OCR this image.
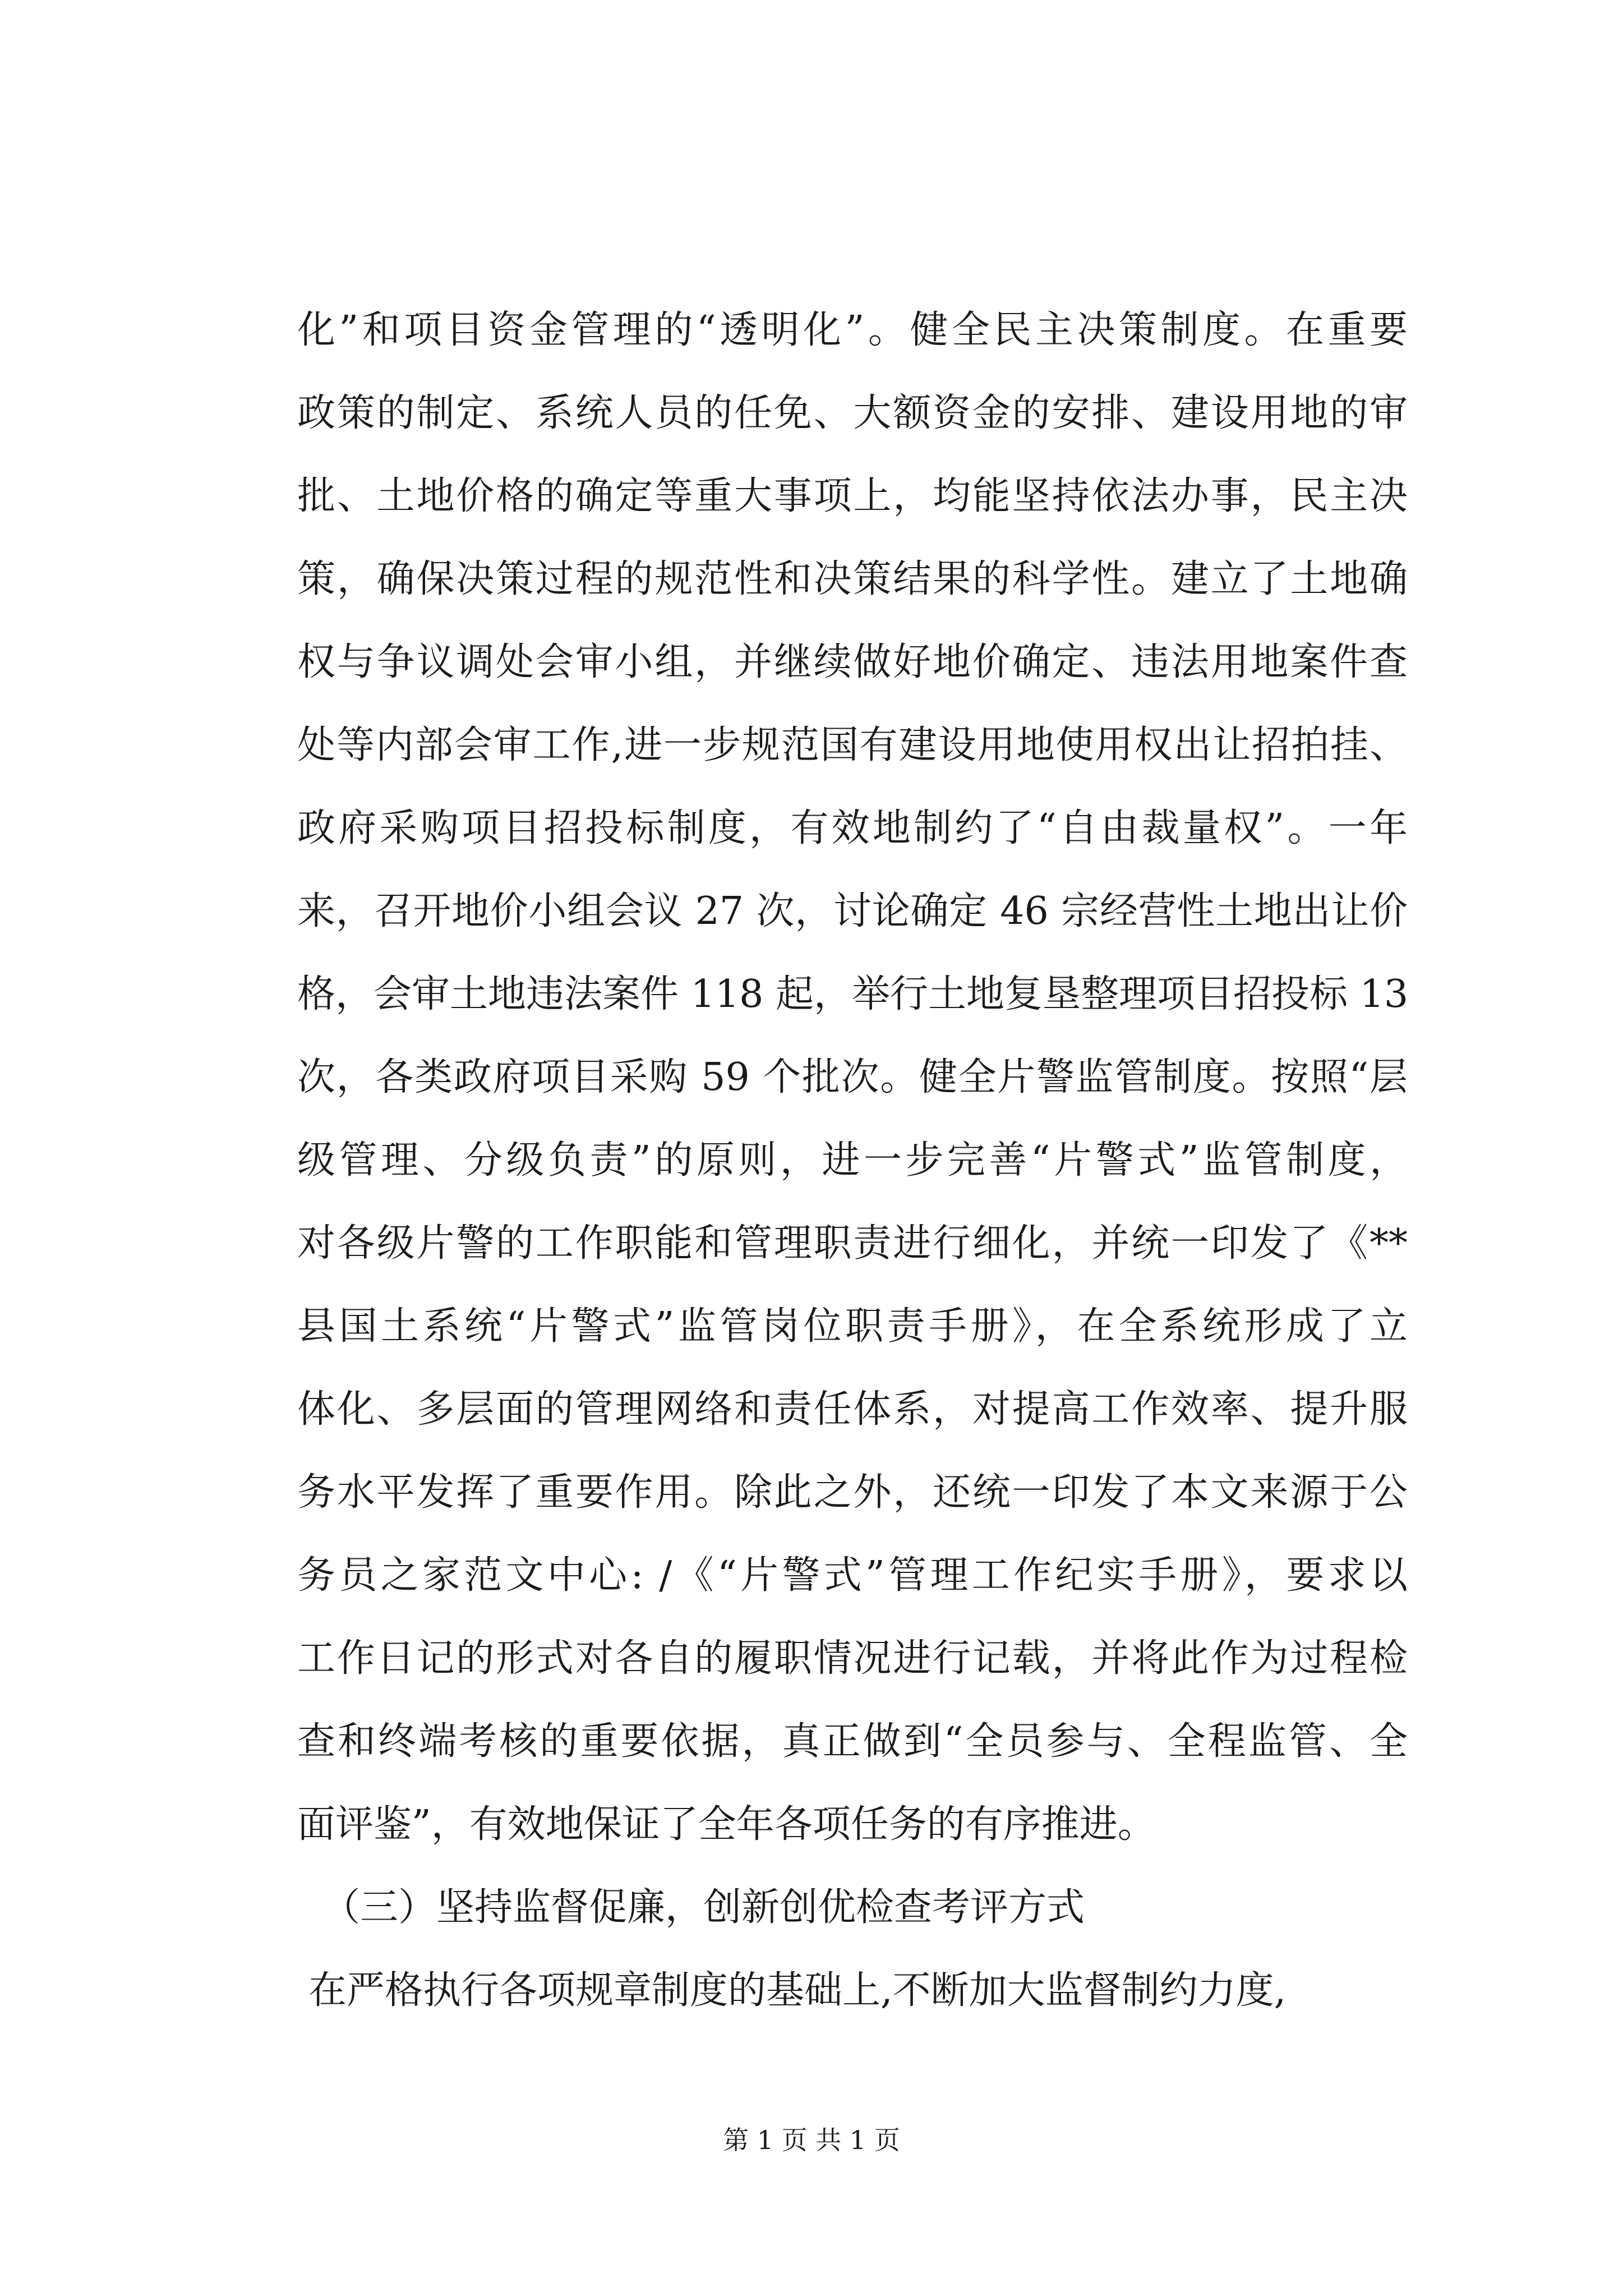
化”和项目资金管理的“透明化”。健全民主决策制度。在重要
政策的制定、系统人员的任免、大额资金的安排、建设用地的审
批、土地价格的确定等重大事项上，均能坚持依法办事，民主决
策，确保决策过程的规范性和决策结果的科学性。建立了土地确
权与争议调处会审小组，并继续做好地价确定、违法用地案件查
处等内部会审工作,进一步规范国有建设用地使用权出让招拍挂、
政府采购项目招投标制度，有效地制约了“自由裁量权”。一年
来，召开地价小组会议 27 次，讨论确定 46 宗经营性土地出让价
格，会审土地违法案件 118 起，举行土地复垦整理项目招投标 13
次，各类政府项目采购 59 个批次。健全片警监管制度。按照“层
级管理、分级负责”的原则，进一步完善“片警式”监管制度，
对各级片警的工作职能和管理职责进行细化，并统一印发了《**
县国土系统“片警式”监管岗位职责手册》，在全系统形成了立
体化、多层面的管理网络和责任体系，对提高工作效率、提升服
务水平发挥了重要作用。除此之外，还统一印发了本文来源于公
务员之家范文中心: /《“片警式”管理工作纪实手册》，要求以
工作日记的形式对各自的履职情况进行记载，并将此作为过程检
查和终端考核的重要依据，真正做到“全员参与、全程监管、全
面评鉴”，有效地保证了全年各项任务的有序推进。
（三）坚持监督促廉，创新创优检查考评方式
在严格执行各项规章制度的基础上,不断加大监督制约力度,
第 1 页 共 1 页
